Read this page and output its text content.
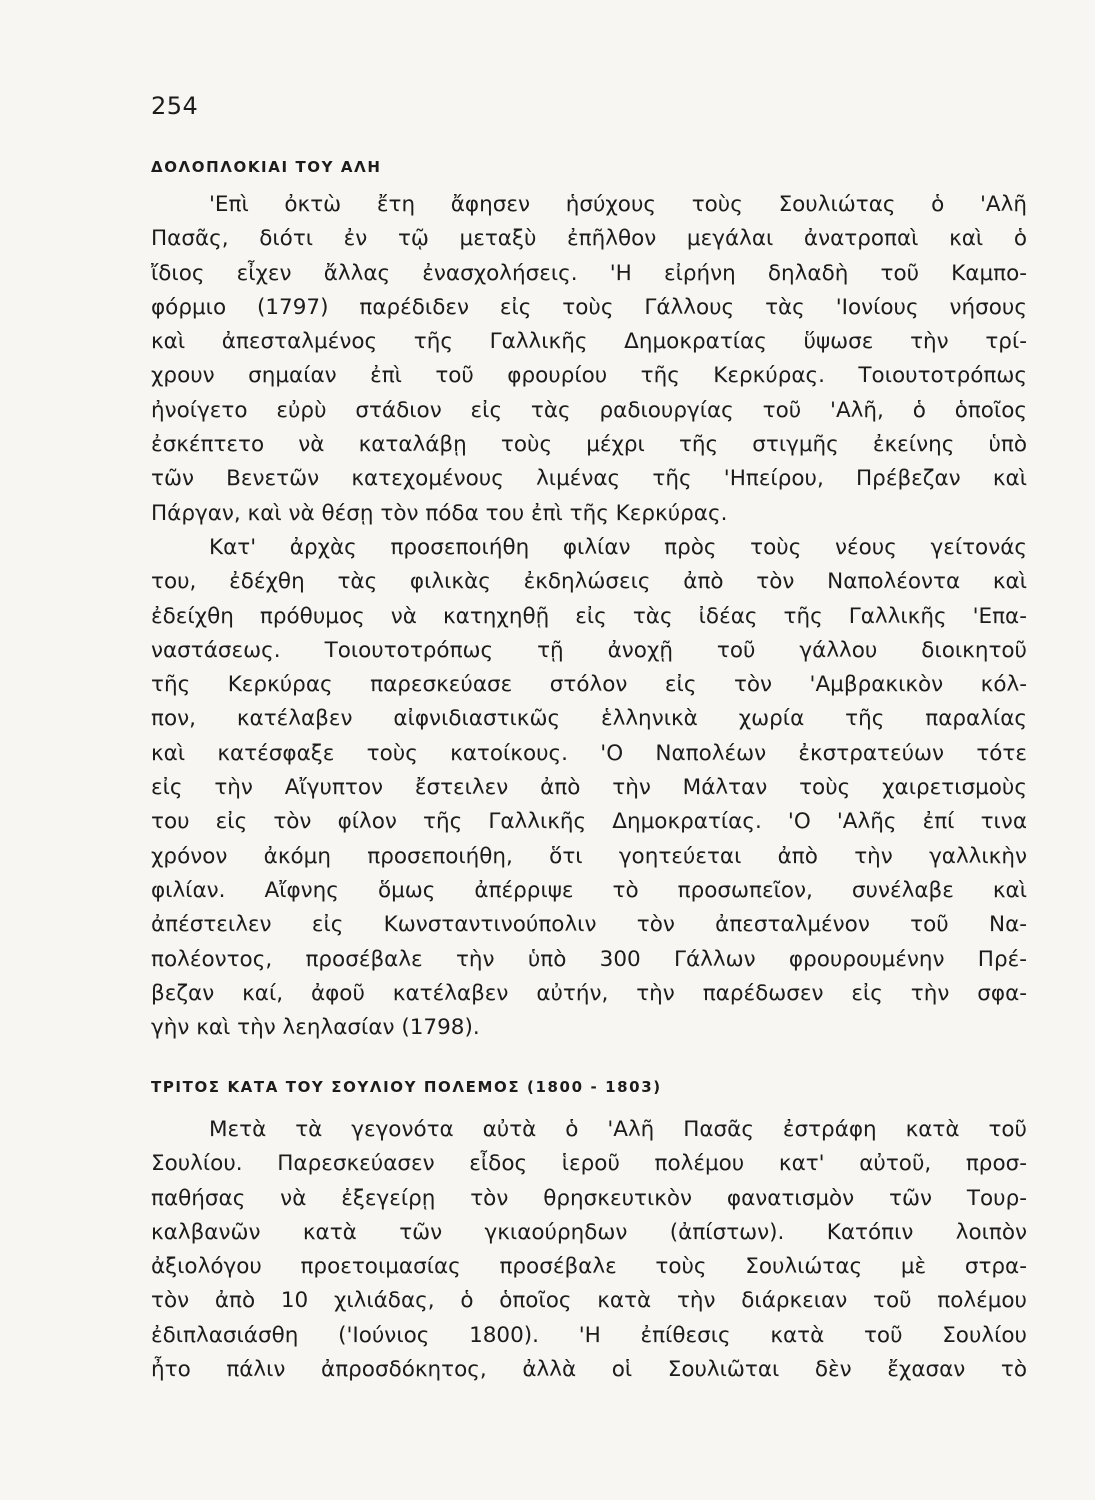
254
ΔΟΛΟΠΛΟΚΙΑΙ ΤΟΥ ΑΛΗ
'Επὶ ὀκτὼ ἔτη ἄφησεν ἡσύχους τοὺς Σουλιώτας ὁ 'Αλῆ
Πασᾶς, διότι ἐν τῷ μεταξὺ ἐπῆλθον μεγάλαι ἀνατροπαὶ καὶ ὁ
ἴδιος εἶχεν ἄλλας ἐνασχολήσεις. 'Η εἰρήνη δηλαδὴ τοῦ Καμπο-
φόρμιο (1797) παρέδιδεν εἰς τοὺς Γάλλους τὰς 'Ιονίους νήσους
καὶ ἀπεσταλμένος τῆς Γαλλικῆς Δημοκρατίας ὕψωσε τὴν τρί-
χρουν σημαίαν ἐπὶ τοῦ φρουρίου τῆς Κερκύρας. Τοιουτοτρόπως
ἠνοίγετο εὐρὺ στάδιον εἰς τὰς ραδιουργίας τοῦ 'Αλῆ, ὁ ὁποῖος
ἐσκέπτετο νὰ καταλάβῃ τοὺς μέχρι τῆς στιγμῆς ἐκείνης ὑπὸ
τῶν Βενετῶν κατεχομένους λιμένας τῆς 'Ηπείρου, Πρέβεζαν καὶ
Πάργαν, καὶ νὰ θέσῃ τὸν πόδα του ἐπὶ τῆς Κερκύρας.
Κατ' ἀρχὰς προσεποιήθη φιλίαν πρὸς τοὺς νέους γείτονάς
του, ἐδέχθη τὰς φιλικὰς ἐκδηλώσεις ἀπὸ τὸν Ναπολέοντα καὶ
ἐδείχθη πρόθυμος νὰ κατηχηθῇ εἰς τὰς ἰδέας τῆς Γαλλικῆς 'Επα-
ναστάσεως. Τοιουτοτρόπως τῇ ἀνοχῇ τοῦ γάλλου διοικητοῦ
τῆς Κερκύρας παρεσκεύασε στόλον εἰς τὸν 'Αμβρακικὸν κόλ-
πον, κατέλαβεν αἰφνιδιαστικῶς ἑλληνικὰ χωρία τῆς παραλίας
καὶ κατέσφαξε τοὺς κατοίκους. 'Ο Ναπολέων ἐκστρατεύων τότε
εἰς τὴν Αἴγυπτον ἔστειλεν ἀπὸ τὴν Μάλταν τοὺς χαιρετισμοὺς
του εἰς τὸν φίλον τῆς Γαλλικῆς Δημοκρατίας. 'Ο 'Αλῆς ἐπί τινα
χρόνον ἀκόμη προσεποιήθη, ὅτι γοητεύεται ἀπὸ τὴν γαλλικὴν
φιλίαν. Αἴφνης ὅμως ἀπέρριψε τὸ προσωπεῖον, συνέλαβε καὶ
ἀπέστειλεν εἰς Κωνσταντινούπολιν τὸν ἀπεσταλμένον τοῦ Να-
πολέοντος, προσέβαλε τὴν ὑπὸ 300 Γάλλων φρουρουμένην Πρέ-
βεζαν καί, ἀφοῦ κατέλαβεν αὐτήν, τὴν παρέδωσεν εἰς τὴν σφα-
γὴν καὶ τὴν λεηλασίαν (1798).
ΤΡΙΤΟΣ ΚΑΤΑ ΤΟΥ ΣΟΥΛΙΟΥ ΠΟΛΕΜΟΣ (1800 - 1803)
Μετὰ τὰ γεγονότα αὐτὰ ὁ 'Αλῆ Πασᾶς ἐστράφη κατὰ τοῦ
Σουλίου. Παρεσκεύασεν εἶδος ἱεροῦ πολέμου κατ' αὐτοῦ, προσ-
παθήσας νὰ ἐξεγείρῃ τὸν θρησκευτικὸν φανατισμὸν τῶν Τουρ-
καλβανῶν κατὰ τῶν γκιαούρηδων (ἀπίστων). Κατόπιν λοιπὸν
ἀξιολόγου προετοιμασίας προσέβαλε τοὺς Σουλιώτας μὲ στρα-
τὸν ἀπὸ 10 χιλιάδας, ὁ ὁποῖος κατὰ τὴν διάρκειαν τοῦ πολέμου
ἐδιπλασιάσθη ('Ιούνιος 1800). 'Η ἐπίθεσις κατὰ τοῦ Σουλίου
ἦτο πάλιν ἀπροσδόκητος, ἀλλὰ οἱ Σουλιῶται δὲν ἔχασαν τὸ
